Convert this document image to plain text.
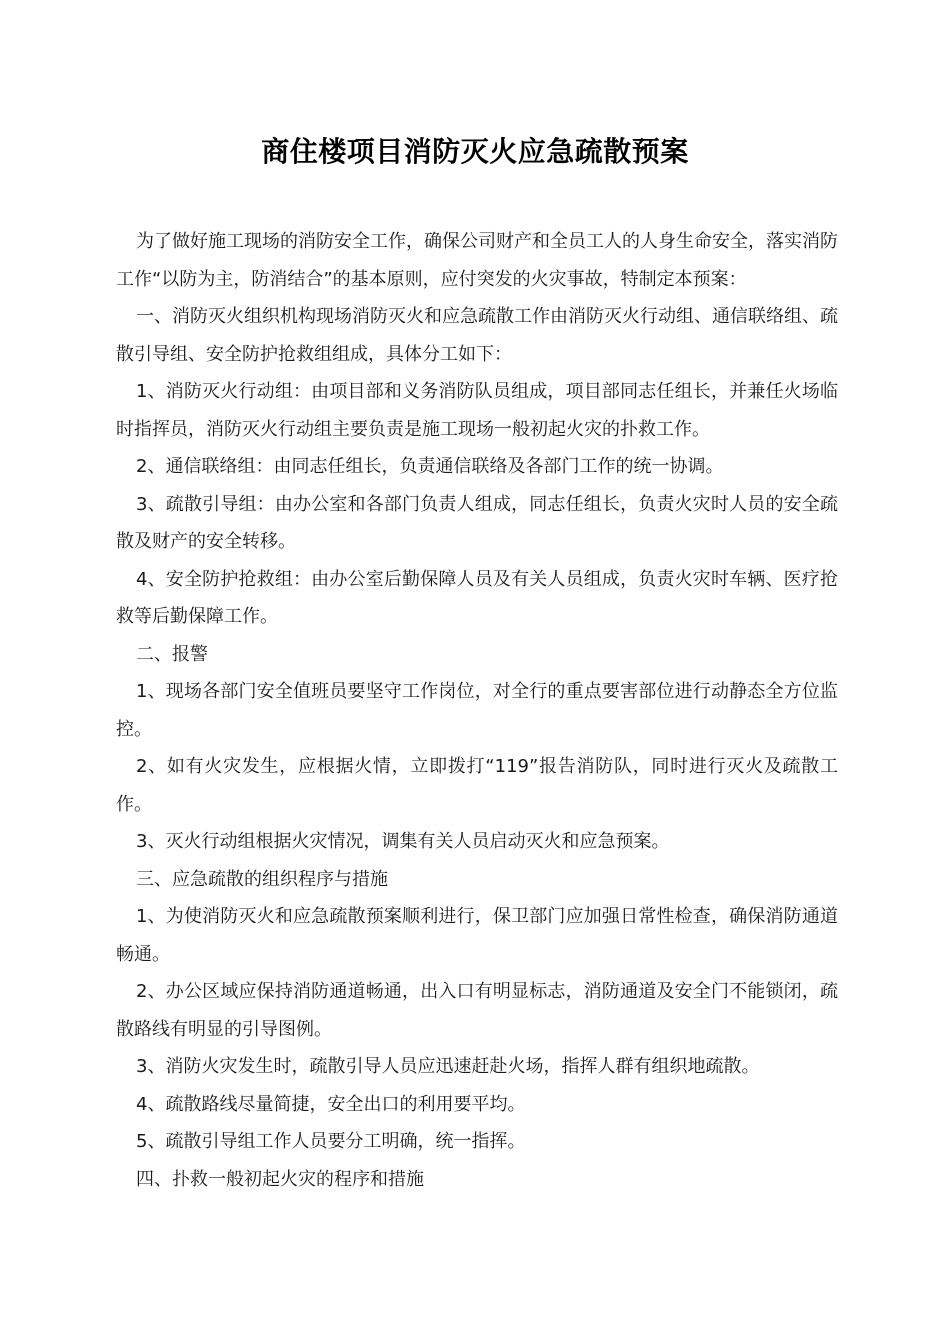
商住楼项目消防灭火应急疏散预案

为了做好施工现场的消防安全工作，确保公司财产和全员工人的人身生命安全，落实消防工作“以防为主，防消结合”的基本原则，应付突发的火灾事故，特制定本预案：

一、消防灭火组织机构现场消防灭火和应急疏散工作由消防灭火行动组、通信联络组、疏散引导组、安全防护抢救组组成，具体分工如下：

1、消防灭火行动组：由项目部和义务消防队员组成，项目部同志任组长，并兼任火场临时指挥员，消防灭火行动组主要负责是施工现场一般初起火灾的扑救工作。

2、通信联络组：由同志任组长，负责通信联络及各部门工作的统一协调。

3、疏散引导组：由办公室和各部门负责人组成，同志任组长，负责火灾时人员的安全疏散及财产的安全转移。

4、安全防护抢救组：由办公室后勤保障人员及有关人员组成，负责火灾时车辆、医疗抢救等后勤保障工作。

二、报警

1、现场各部门安全值班员要坚守工作岗位，对全行的重点要害部位进行动静态全方位监控。

2、如有火灾发生，应根据火情，立即拨打“119”报告消防队，同时进行灭火及疏散工作。

3、灭火行动组根据火灾情况，调集有关人员启动灭火和应急预案。

三、应急疏散的组织程序与措施

1、为使消防灭火和应急疏散预案顺利进行，保卫部门应加强日常性检查，确保消防通道畅通。

2、办公区域应保持消防通道畅通，出入口有明显标志，消防通道及安全门不能锁闭，疏散路线有明显的引导图例。

3、消防火灾发生时，疏散引导人员应迅速赶赴火场，指挥人群有组织地疏散。

4、疏散路线尽量简捷，安全出口的利用要平均。

5、疏散引导组工作人员要分工明确，统一指挥。

四、扑救一般初起火灾的程序和措施
